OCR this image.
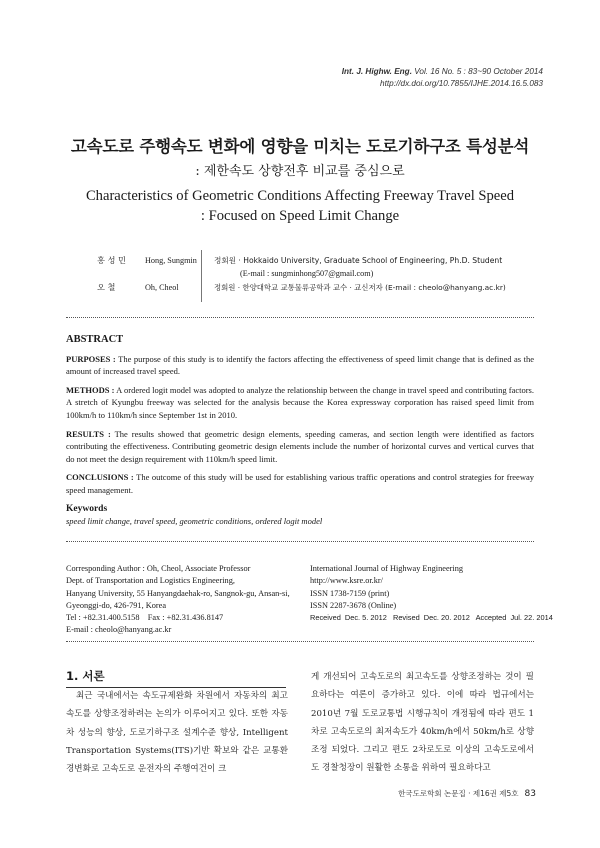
Int. J. Highw. Eng. Vol. 16 No. 5 : 83~90 October 2014
http://dx.doi.org/10.7855/IJHE.2014.16.5.083
고속도로 주행속도 변화에 영향을 미치는 도로기하구조 특성분석
: 제한속도 상향전후 비교를 중심으로
Characteristics of Geometric Conditions Affecting Freeway Travel Speed
: Focused on Speed Limit Change
홍 성 민 Hong, Sungmin 정회원 · Hokkaido University, Graduate School of Engineering, Ph.D. Student
(E-mail : sungminhong507@gmail.com)
오 철	Oh, Cheol	정회원 · 한양대학교 교통물류공학과 교수 · 교신저자 (E-mail : cheolo@hanyang.ac.kr)
ABSTRACT

PURPOSES : The purpose of this study is to identify the factors affecting the effectiveness of speed limit change that is defined as the amount of increased travel speed.

METHODS : A ordered logit model was adopted to analyze the relationship between the change in travel speed and contributing factors. A stretch of Kyungbu freeway was selected for the analysis because the Korea expressway corporation has raised speed limit from 100km/h to 110km/h since September 1st in 2010.

RESULTS : The results showed that geometric design elements, speeding cameras, and section length were identified as factors contributing the effectiveness. Contributing geometric design elements include the number of horizontal curves and vertical curves that do not meet the design requirement with 110km/h speed limit.

CONCLUSIONS : The outcome of this study will be used for establishing various traffic operations and control strategies for freeway speed management.

Keywords
speed limit change, travel speed, geometric conditions, ordered logit model
Corresponding Author : Oh, Cheol, Associate Professor
Dept. of Transportation and Logistics Engineering,
Hanyang University, 55 Hanyangdaehak-ro, Sangnok-gu, Ansan-si,
Gyeonggi-do, 426-791, Korea
Tel : +82.31.400.5158    Fax : +82.31.436.8147
E-mail : cheolo@hanyang.ac.kr
International Journal of Highway Engineering
http://www.ksre.or.kr/
ISSN 1738-7159 (print)
ISSN 2287-3678 (Online)
Received  Dec. 5. 2012   Revised  Dec. 20. 2012   Accepted  Jul. 22. 2014
1. 서론
최근 국내에서는 속도규제완화 차원에서 자동차의 최고속도를 상향조정하려는 논의가 이루어지고 있다. 또한 자동차 성능의 향상, 도로기하구조 설계수준 향상, Intelligent Transportation Systems(ITS)기반 확보와 같은 교통환경변화로 고속도로 운전자의 주행여건이 크
게 개선되어 고속도로의 최고속도를 상향조정하는 것이 필요하다는 여론이 증가하고 있다. 이에 따라 법규에서는 2010년 7월 도로교통법 시행규칙이 개정됨에 따라 편도 1차로 고속도로의 최저속도가 40km/h에서 50km/h로 상향조정 되었다. 그리고 편도 2차로도로 이상의 고속도로에서도 경찰청장이 원활한 소통을 위하여 필요하다고
한국도로학회 논문집 · 제16권 제5호 83
